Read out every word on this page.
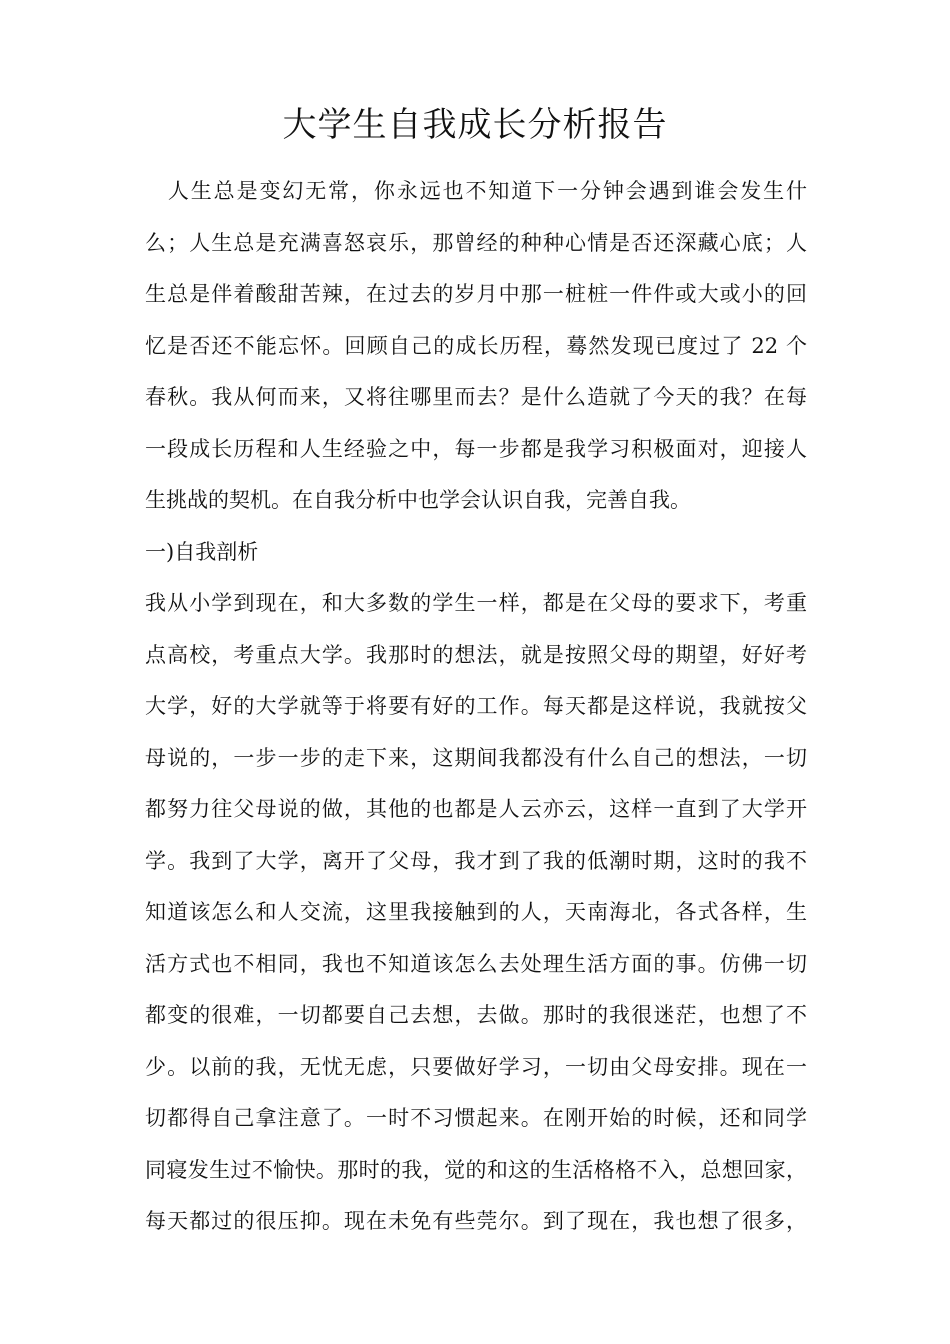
大学生自我成长分析报告
　人生总是变幻无常，你永远也不知道下一分钟会遇到谁会发生什
么；人生总是充满喜怒哀乐，那曾经的种种心情是否还深藏心底；人
生总是伴着酸甜苦辣，在过去的岁月中那一桩桩一件件或大或小的回
忆是否还不能忘怀。回顾自己的成长历程，蓦然发现已度过了 22 个
春秋。我从何而来，又将往哪里而去？是什么造就了今天的我？在每
一段成长历程和人生经验之中，每一步都是我学习积极面对，迎接人
生挑战的契机。在自我分析中也学会认识自我，完善自我。
一)自我剖析
我从小学到现在，和大多数的学生一样，都是在父母的要求下，考重
点高校，考重点大学。我那时的想法，就是按照父母的期望，好好考
大学，好的大学就等于将要有好的工作。每天都是这样说，我就按父
母说的，一步一步的走下来，这期间我都没有什么自己的想法，一切
都努力往父母说的做，其他的也都是人云亦云，这样一直到了大学开
学。我到了大学，离开了父母，我才到了我的低潮时期，这时的我不
知道该怎么和人交流，这里我接触到的人，天南海北，各式各样，生
活方式也不相同，我也不知道该怎么去处理生活方面的事。仿佛一切
都变的很难，一切都要自己去想，去做。那时的我很迷茫，也想了不
少。以前的我，无忧无虑，只要做好学习，一切由父母安排。现在一
切都得自己拿注意了。一时不习惯起来。在刚开始的时候，还和同学
同寝发生过不愉快。那时的我，觉的和这的生活格格不入，总想回家，
每天都过的很压抑。现在未免有些莞尔。到了现在，我也想了很多，
